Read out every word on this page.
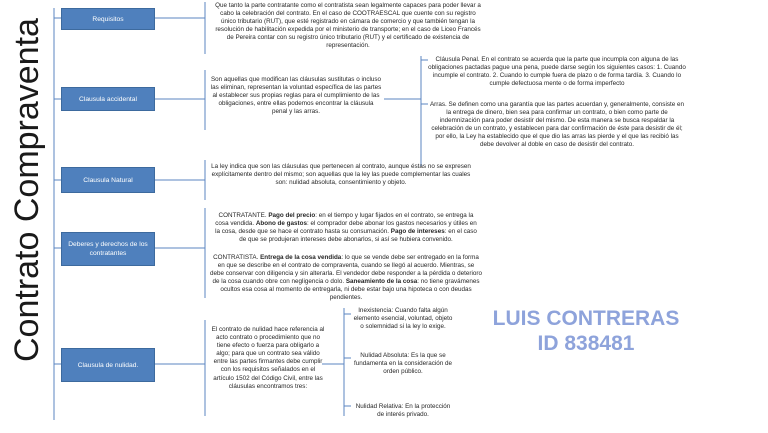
Contrato Compraventa	Requisitos
Clausula accidental
Clausula Natural
Deberes y derechos de los contratantes
Clausula de nulidad.

Que tanto la parte contratante como el contratista sean legalmente capaces para poder llevar a cabo la celebración del contrato. En el caso de COOTRAESCAL que cuente con su registro único tributario (RUT), que esté registrado en cámara de comercio y que también tengan la resolución de habilitación expedida por el ministerio de transporte; en el caso de Liceo Francés de Pereira contar con su registro único tributario (RUT) y el certificado de existencia de representación.

Son aquellas que modifican las cláusulas sustitutas o incluso las eliminan, representan la voluntad específica de las partes al establecer sus propias reglas para el cumplimiento de las obligaciones, entre ellas podemos encontrar la cláusula penal y las arras.

Cláusula Penal. En el contrato se acuerda que la parte que incumpla con alguna de las obligaciones pactadas pague una pena, puede darse según los siguientes casos: 1. Cuando incumple el contrato. 2. Cuando lo cumple fuera de plazo o de forma tardía. 3. Cuando lo cumple defectuosa mente o de forma imperfecto

Arras. Se definen como una garantía que las partes acuerdan y, generalmente, consiste en la entrega de dinero, bien sea para confirmar un contrato, o bien como parte de indemnización para poder desistir del mismo. De esta manera se busca respaldar la celebración de un contrato, y establecen para dar confirmación de éste para desistir de él; por ello, la Ley ha establecido que el que dio las arras las pierde y el que las recibió las debe devolver al doble en caso de desistir del contrato.

La ley indica que son las cláusulas que pertenecen al contrato, aunque éstas no se expresen explícitamente dentro del mismo; son aquellas que la ley las puede complementar las cuales son: nulidad absoluta, consentimiento y objeto.

CONTRATANTE. Pago del precio: en el tiempo y lugar fijados en el contrato, se entrega la cosa vendida. Abono de gastos: el comprador debe abonar los gastos necesarios y útiles en la cosa, desde que se hace el contrato hasta su consumación. Pago de intereses: en el caso de que se produjeran intereses debe abonarlos, si así se hubiera convenido.

CONTRATISTA. Entrega de la cosa vendida: lo que se vende debe ser entregado en la forma en que se describe en el contrato de compraventa, cuando se llegó al acuerdo. Mientras, se debe conservar con diligencia y sin alterarla. El vendedor debe responder a la pérdida o deterioro de la cosa cuando obre con negligencia o dolo. Saneamiento de la cosa: no tiene gravámenes ocultos esa cosa al momento de entregarla, ni debe estar bajo una hipoteca o con deudas pendientes.

El contrato de nulidad hace referencia al acto contrato o procedimiento que no tiene efecto o fuerza para obligarlo a algo; para que un contrato sea válido entre las partes firmantes debe cumplir con los requisitos señalados en el artículo 1502 del Código Civil, entre las cláusulas encontramos tres:

Inexistencia: Cuando falta algún elemento esencial, voluntad, objeto o solemnidad si la ley lo exige.

Nulidad Absoluta: Es la que se fundamenta en la consideración de orden público.

Nulidad Relativa: En la protección de interés privado.

LUIS CONTRERAS
ID 838481
